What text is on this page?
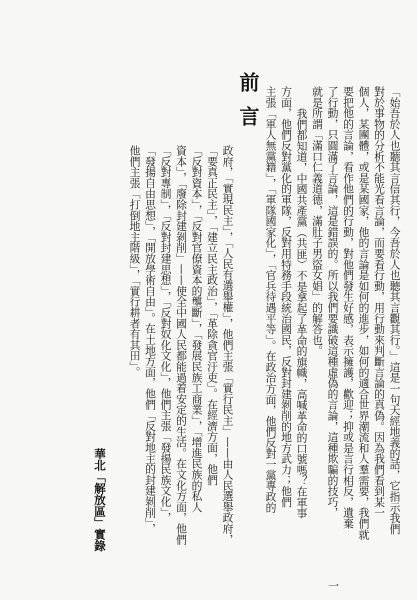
前言	「始吾於人也聽其言信其行，今吾於人也聽其言觀其行。」這是一句天經地義的話，它指示我們
對於事物的分析不能光看言論，而要看行動，用行動來判斷言論的真偽。因為我們看到某一
個人，某團體，或是某國家，他的言論是如何的進步，如何的適合世界潮流和人羣需要，我們就
要把他的言論，看作他們的行動，對他們發生好感，表示擁護，歡迎；抑或是言行相反，遺棄
了行動，只圓滿了言論，這是錯誤的。所以我們要識破這種虛偽的言論，這種欺騙的技巧，
就是所謂「滿口仁義道德，滿肚子男盜女娼」的解答也。
我們都知道，中國共產黨（共匪）不是拿起了革命的旗幟，高喊革命的口號嗎？在軍事
方面，他們反對黨化的軍隊，反對用特務手段統治國民，反對封建剝削的地方武力；他們
主張「軍人無黨籍」，「軍隊國家化」，「官兵待遇平等」。在政治方面，他們反對一黨專政的
政府，「實現民主」，「人民有選舉權」，他們主張「實行民主」——由人民選舉政府，
「要真正民主」，「建立民主政治」，「革除貪官汙吏」。在經濟方面，他們
「反對資本」，「反對官僚資本的壟斷」，「發展民族工商業」，「增進民族的私人
資本」，「廢除封建剝削」——使全中國人民都能過着安定的生活。在文化方面，他們
「反對專制」，「反對封建思想」，「反對奴化文化」，他們主張「發揚民族文化」，
「發揚自由思想」，「開放學術自由」。在土地方面，他們「反對地主的封建剝削」，
他們主張「打倒地主階級」，「實行耕者有其田」。
華北「解放區」實錄
一
